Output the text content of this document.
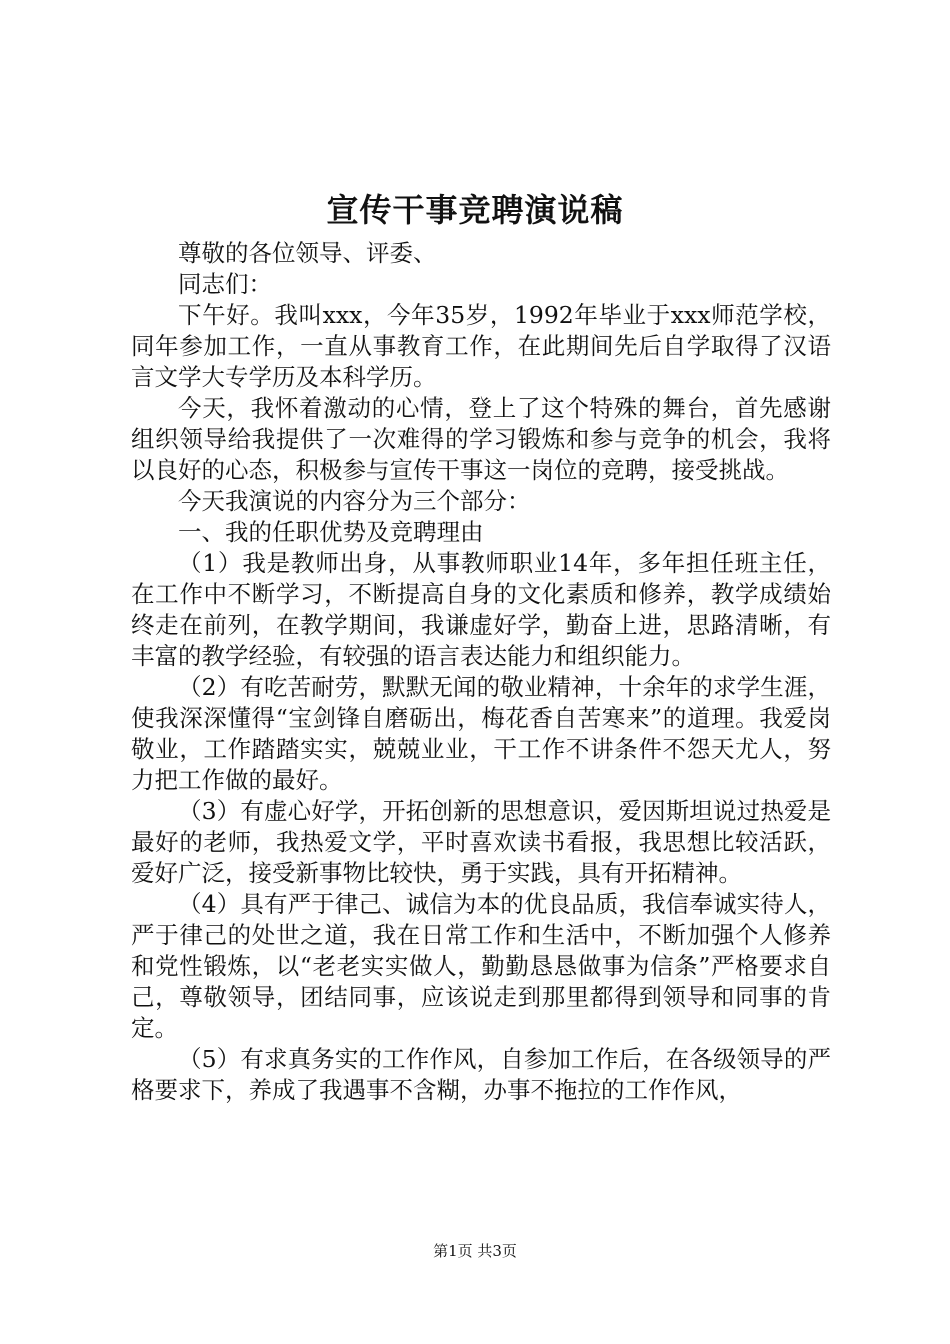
宣传干事竞聘演说稿

尊敬的各位领导、评委、

同志们：

下午好。我叫xxx，今年35岁，1992年毕业于xxx师范学校，同年参加工作，一直从事教育工作，在此期间先后自学取得了汉语言文学大专学历及本科学历。

今天，我怀着激动的心情，登上了这个特殊的舞台，首先感谢组织领导给我提供了一次难得的学习锻炼和参与竞争的机会，我将以良好的心态，积极参与宣传干事这一岗位的竞聘，接受挑战。

今天我演说的内容分为三个部分：

一、我的任职优势及竞聘理由

（1）我是教师出身，从事教师职业14年，多年担任班主任，在工作中不断学习，不断提高自身的文化素质和修养，教学成绩始终走在前列，在教学期间，我谦虚好学，勤奋上进，思路清晰，有丰富的教学经验，有较强的语言表达能力和组织能力。

（2）有吃苦耐劳，默默无闻的敬业精神，十余年的求学生涯，使我深深懂得“宝剑锋自磨砺出，梅花香自苦寒来”的道理。我爱岗敬业，工作踏踏实实，兢兢业业，干工作不讲条件不怨天尤人，努力把工作做的最好。

（3）有虚心好学，开拓创新的思想意识，爱因斯坦说过热爱是最好的老师，我热爱文学，平时喜欢读书看报，我思想比较活跃，爱好广泛，接受新事物比较快，勇于实践，具有开拓精神。

（4）具有严于律己、诚信为本的优良品质，我信奉诚实待人，严于律己的处世之道，我在日常工作和生活中，不断加强个人修养和党性锻炼，以“老老实实做人，勤勤恳恳做事为信条”严格要求自己，尊敬领导，团结同事，应该说走到那里都得到领导和同事的肯定。

（5）有求真务实的工作作风，自参加工作后，在各级领导的严格要求下，养成了我遇事不含糊，办事不拖拉的工作作风，

第1页 共3页
